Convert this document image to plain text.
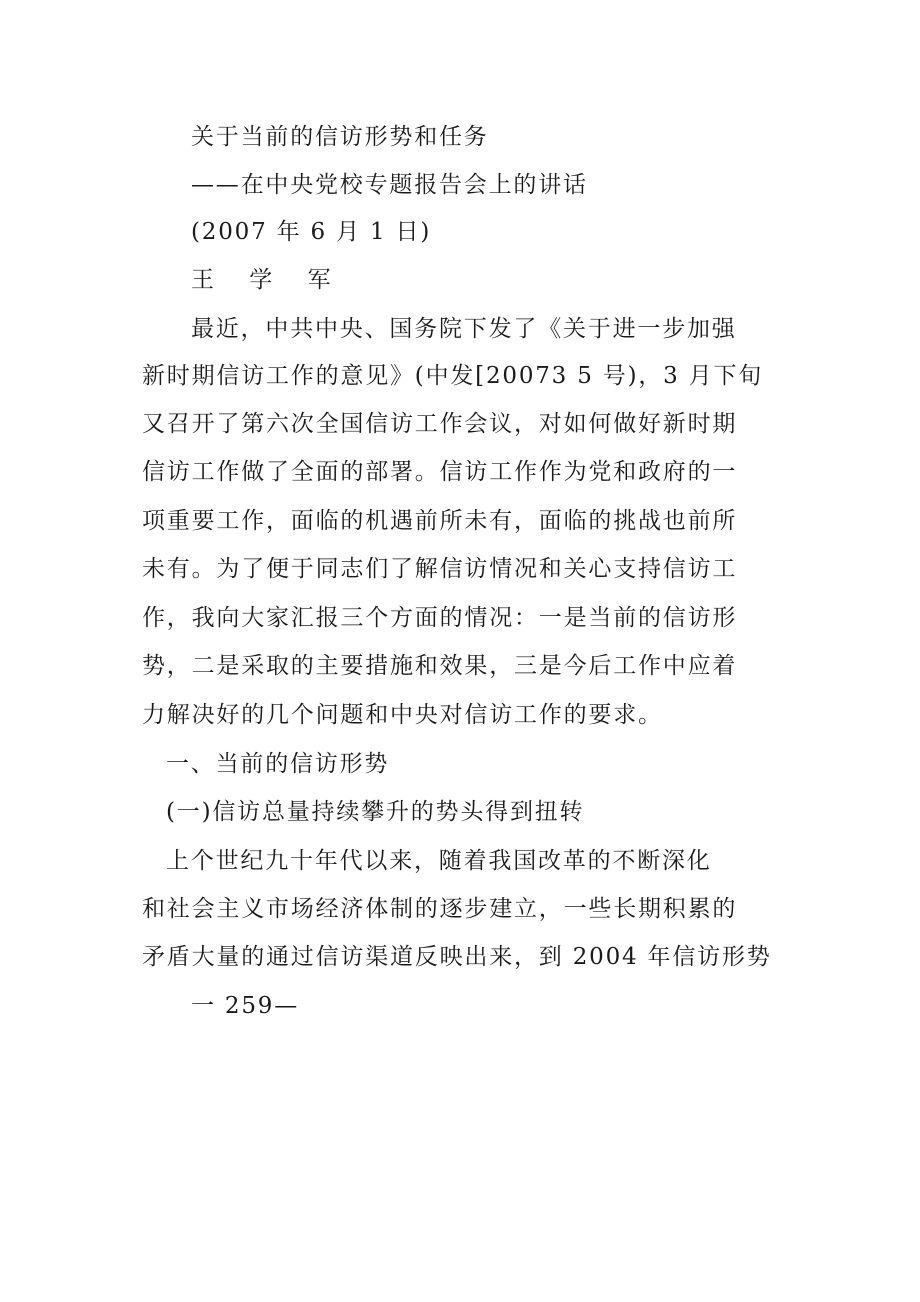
关于当前的信访形势和任务
——在中央党校专题报告会上的讲话
(2007 年 6 月 1 日)
王 学 军
最近，中共中央、国务院下发了《关于进一步加强
新时期信访工作的意见》(中发[20073 5 号)，3 月下旬
又召开了第六次全国信访工作会议，对如何做好新时期
信访工作做了全面的部署。信访工作作为党和政府的一
项重要工作，面临的机遇前所未有，面临的挑战也前所
未有。为了便于同志们了解信访情况和关心支持信访工
作，我向大家汇报三个方面的情况：一是当前的信访形
势，二是采取的主要措施和效果，三是今后工作中应着
力解决好的几个问题和中央对信访工作的要求。
一、当前的信访形势
(一)信访总量持续攀升的势头得到扭转
上个世纪九十年代以来，随着我国改革的不断深化
和社会主义市场经济体制的逐步建立，一些长期积累的
矛盾大量的通过信访渠道反映出来，到 2004 年信访形势
一 259—
